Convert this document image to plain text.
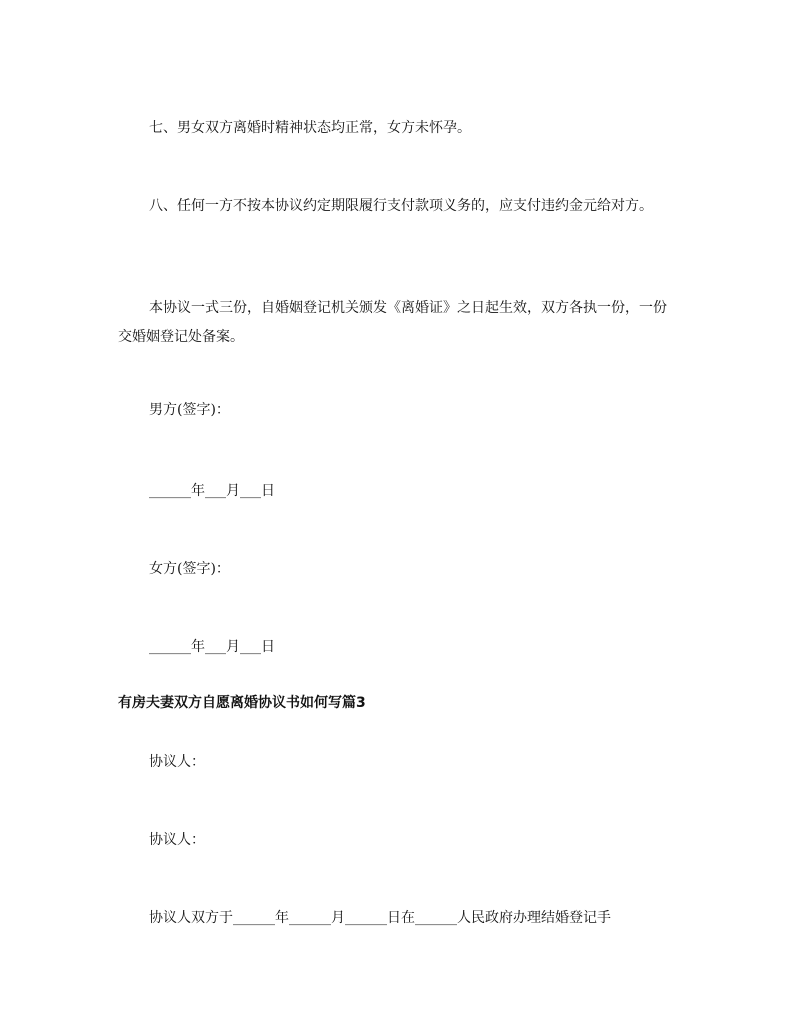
七、男女双方离婚时精神状态均正常，女方未怀孕。

八、任何一方不按本协议约定期限履行支付款项义务的，应支付违约金元给对方。

本协议一式三份，自婚姻登记机关颁发《离婚证》之日起生效，双方各执一份，一份交婚姻登记处备案。

男方(签字)：

______年___月___日

女方(签字)：

______年___月___日

有房夫妻双方自愿离婚协议书如何写篇3

协议人：

协议人：

协议人双方于______年______月______日在______人民政府办理结婚登记手
